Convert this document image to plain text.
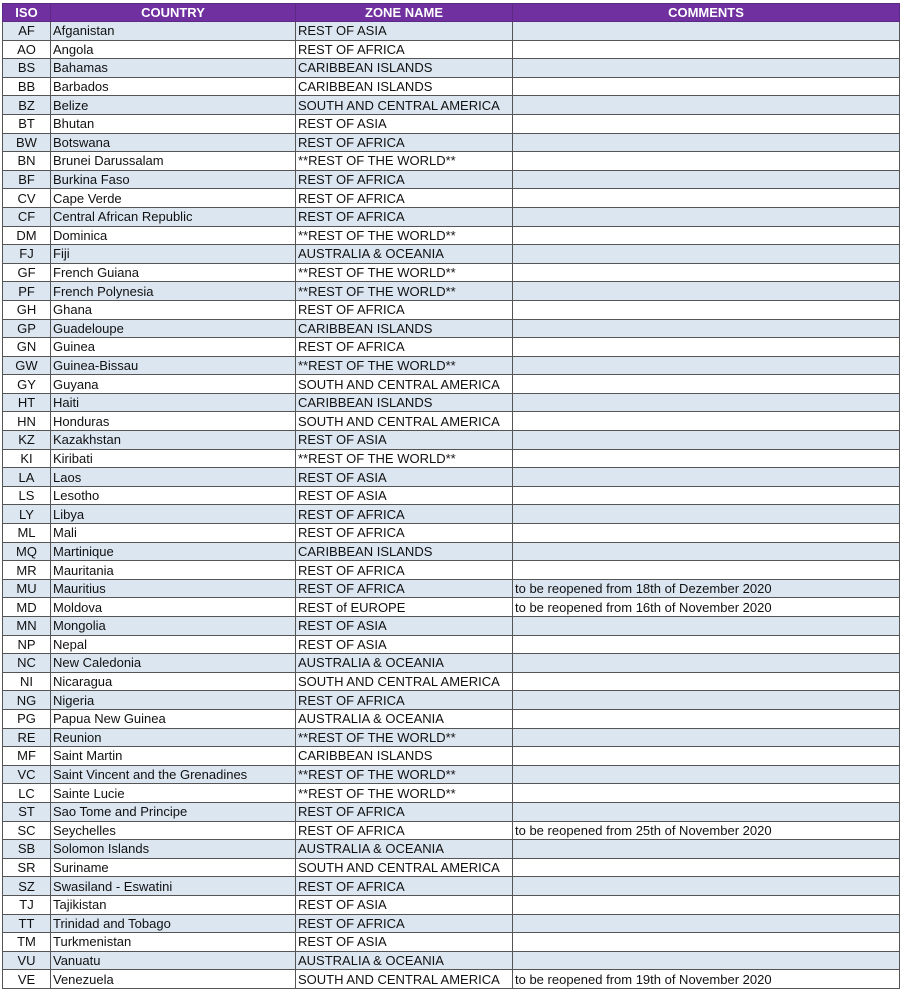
ISO	COUNTRY	ZONE NAME	COMMENTS
AF	Afganistan	REST OF ASIA	
AO	Angola	REST OF AFRICA	
BS	Bahamas	CARIBBEAN ISLANDS	
BB	Barbados	CARIBBEAN ISLANDS	
BZ	Belize	SOUTH AND CENTRAL AMERICA	
BT	Bhutan	REST OF ASIA	
BW	Botswana	REST OF AFRICA	
BN	Brunei Darussalam	**REST OF THE WORLD**	
BF	Burkina Faso	REST OF AFRICA	
CV	Cape Verde	REST OF AFRICA	
CF	Central African Republic	REST OF AFRICA	
DM	Dominica	**REST OF THE WORLD**	
FJ	Fiji	AUSTRALIA & OCEANIA	
GF	French Guiana	**REST OF THE WORLD**	
PF	French Polynesia	**REST OF THE WORLD**	
GH	Ghana	REST OF AFRICA	
GP	Guadeloupe	CARIBBEAN ISLANDS	
GN	Guinea	REST OF AFRICA	
GW	Guinea-Bissau	**REST OF THE WORLD**	
GY	Guyana	SOUTH AND CENTRAL AMERICA	
HT	Haiti	CARIBBEAN ISLANDS	
HN	Honduras	SOUTH AND CENTRAL AMERICA	
KZ	Kazakhstan	REST OF ASIA	
KI	Kiribati	**REST OF THE WORLD**	
LA	Laos	REST OF ASIA	
LS	Lesotho	REST OF ASIA	
LY	Libya	REST OF AFRICA	
ML	Mali	REST OF AFRICA	
MQ	Martinique	CARIBBEAN ISLANDS	
MR	Mauritania	REST OF AFRICA	
MU	Mauritius	REST OF AFRICA	to be reopened from 18th of Dezember 2020
MD	Moldova	REST of EUROPE	to be reopened from 16th of November 2020
MN	Mongolia	REST OF ASIA	
NP	Nepal	REST OF ASIA	
NC	New Caledonia	AUSTRALIA & OCEANIA	
NI	Nicaragua	SOUTH AND CENTRAL AMERICA	
NG	Nigeria	REST OF AFRICA	
PG	Papua New Guinea	AUSTRALIA & OCEANIA	
RE	Reunion	**REST OF THE WORLD**	
MF	Saint Martin	CARIBBEAN ISLANDS	
VC	Saint Vincent and the Grenadines	**REST OF THE WORLD**	
LC	Sainte Lucie	**REST OF THE WORLD**	
ST	Sao Tome and Principe	REST OF AFRICA	
SC	Seychelles	REST OF AFRICA	to be reopened from 25th of November 2020
SB	Solomon Islands	AUSTRALIA & OCEANIA	
SR	Suriname	SOUTH AND CENTRAL AMERICA	
SZ	Swasiland - Eswatini	REST OF AFRICA	
TJ	Tajikistan	REST OF ASIA	
TT	Trinidad and Tobago	REST OF AFRICA	
TM	Turkmenistan	REST OF ASIA	
VU	Vanuatu	AUSTRALIA & OCEANIA	
VE	Venezuela	SOUTH AND CENTRAL AMERICA	to be reopened from 19th of November 2020
